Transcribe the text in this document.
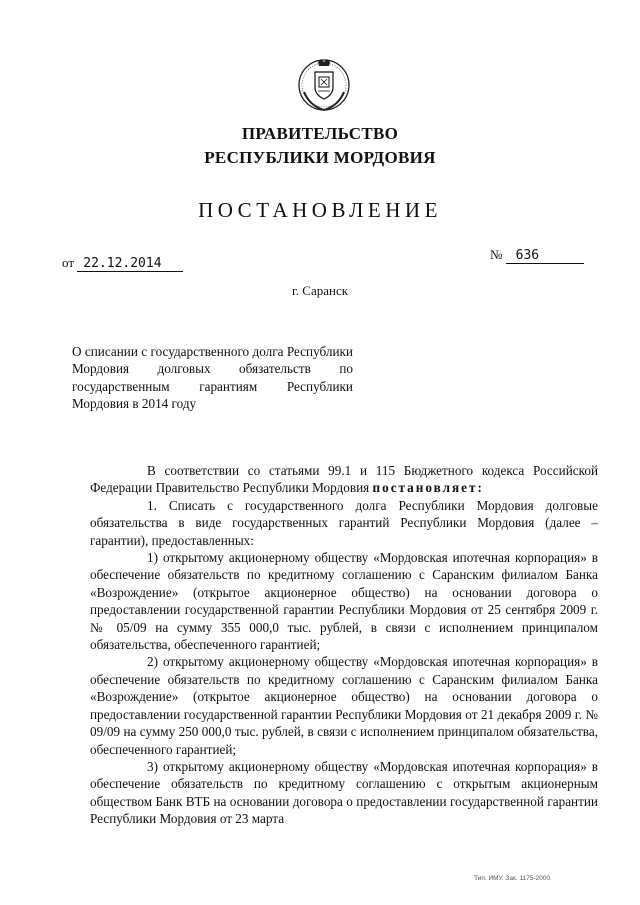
ПРАВИТЕЛЬСТВО
РЕСПУБЛИКИ МОРДОВИЯ
ПОСТАНОВЛЕНИЕ
от 22.12.2014
№ 636
г. Саранск
О списании с государственного долга Республики Мордовия долговых обязательств по государственным гарантиям Республики Мордовия в 2014 году

В соответствии со статьями 99.1 и 115 Бюджетного кодекса Российской Федерации Правительство Республики Мордовия постановляет:

1. Списать с государственного долга Республики Мордовия долговые обязательства в виде государственных гарантий Республики Мордовия (далее – гарантии), предоставленных:

1) открытому акционерному обществу «Мордовская ипотечная корпорация» в обеспечение обязательств по кредитному соглашению с Саранским филиалом Банка «Возрождение» (открытое акционерное общество) на основании договора о предоставлении государственной гарантии Республики Мордовия от 25 сентября 2009 г. № 05/09 на сумму 355 000,0 тыс. рублей, в связи с исполнением принципалом обязательства, обеспеченного гарантией;

2) открытому акционерному обществу «Мордовская ипотечная корпорация» в обеспечение обязательств по кредитному соглашению с Саранским филиалом Банка «Возрождение» (открытое акционерное общество) на основании договора о предоставлении государственной гарантии Республики Мордовия от 21 декабря 2009 г. № 09/09 на сумму 250 000,0 тыс. рублей, в связи с исполнением принципалом обязательства, обеспеченного гарантией;

3) открытому акционерному обществу «Мордовская ипотечная корпорация» в обеспечение обязательств по кредитному соглашению с открытым акционерным обществом Банк ВТБ на основании договора о предоставлении государственной гарантии Республики Мордовия от 23 марта

Тип. ИМУ. Зак. 1175-2000.
